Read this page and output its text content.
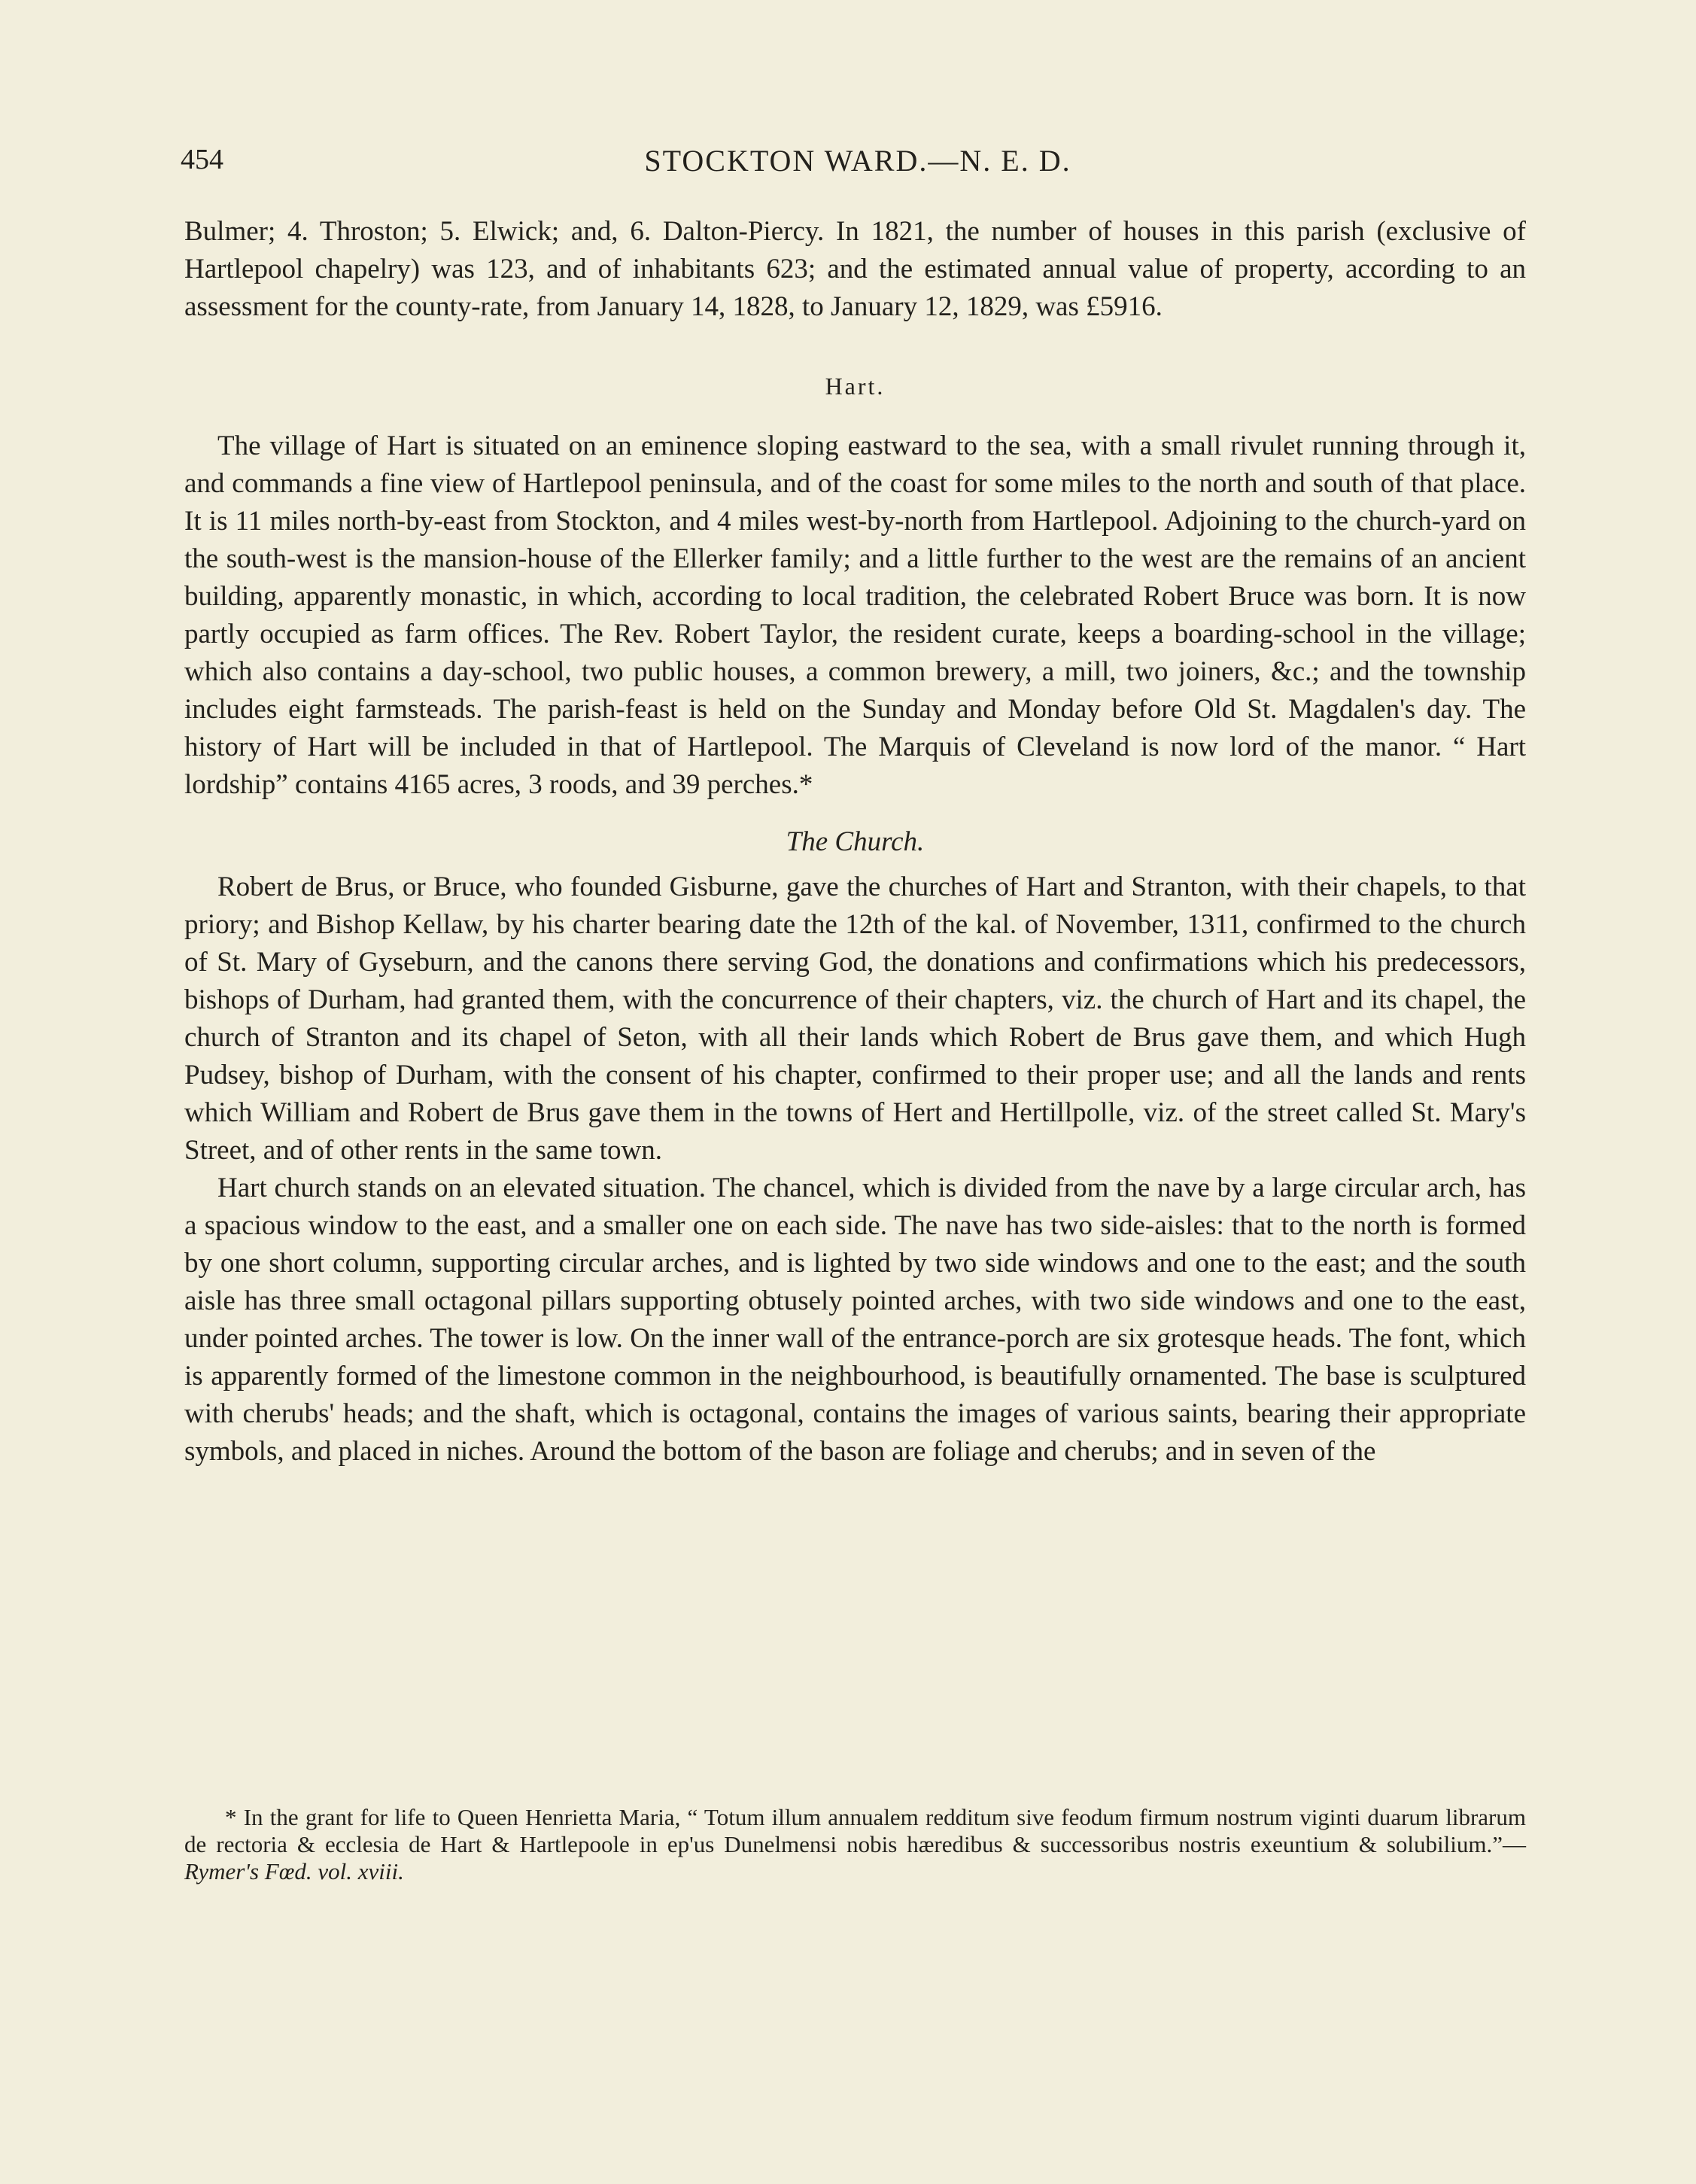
454	STOCKTON WARD.—N. E. D.

Bulmer; 4. Throston; 5. Elwick; and, 6. Dalton-Piercy. In 1821, the number of houses in this parish (exclusive of Hartlepool chapelry) was 123, and of inhabitants 623; and the estimated annual value of property, according to an assessment for the county-rate, from January 14, 1828, to January 12, 1829, was £5916.

Hart.

The village of Hart is situated on an eminence sloping eastward to the sea, with a small rivulet running through it, and commands a fine view of Hartlepool peninsula, and of the coast for some miles to the north and south of that place. It is 11 miles north-by-east from Stockton, and 4 miles west-by-north from Hartlepool. Adjoining to the church-yard on the south-west is the mansion-house of the Ellerker family; and a little further to the west are the remains of an ancient building, apparently monastic, in which, according to local tradition, the celebrated Robert Bruce was born. It is now partly occupied as farm offices. The Rev. Robert Taylor, the resident curate, keeps a boarding-school in the village; which also contains a day-school, two public houses, a common brewery, a mill, two joiners, &c.; and the township includes eight farmsteads. The parish-feast is held on the Sunday and Monday before Old St. Magdalen's day. The history of Hart will be included in that of Hartlepool. The Marquis of Cleveland is now lord of the manor. “ Hart lordship” contains 4165 acres, 3 roods, and 39 perches.*

The Church.

Robert de Brus, or Bruce, who founded Gisburne, gave the churches of Hart and Stranton, with their chapels, to that priory; and Bishop Kellaw, by his charter bearing date the 12th of the kal. of November, 1311, confirmed to the church of St. Mary of Gyseburn, and the canons there serving God, the donations and confirmations which his predecessors, bishops of Durham, had granted them, with the concurrence of their chapters, viz. the church of Hart and its chapel, the church of Stranton and its chapel of Seton, with all their lands which Robert de Brus gave them, and which Hugh Pudsey, bishop of Durham, with the consent of his chapter, confirmed to their proper use; and all the lands and rents which William and Robert de Brus gave them in the towns of Hert and Hertillpolle, viz. of the street called St. Mary's Street, and of other rents in the same town.

Hart church stands on an elevated situation. The chancel, which is divided from the nave by a large circular arch, has a spacious window to the east, and a smaller one on each side. The nave has two side-aisles: that to the north is formed by one short column, supporting circular arches, and is lighted by two side windows and one to the east; and the south aisle has three small octagonal pillars supporting obtusely pointed arches, with two side windows and one to the east, under pointed arches. The tower is low. On the inner wall of the entrance-porch are six grotesque heads. The font, which is apparently formed of the limestone common in the neighbourhood, is beautifully ornamented. The base is sculptured with cherubs' heads; and the shaft, which is octagonal, contains the images of various saints, bearing their appropriate symbols, and placed in niches. Around the bottom of the bason are foliage and cherubs; and in seven of the

* In the grant for life to Queen Henrietta Maria, “ Totum illum annualem redditum sive feodum firmum nostrum viginti duarum librarum de rectoria & ecclesia de Hart & Hartlepoole in ep'us Dunelmensi nobis hæredibus & successoribus nostris exeuntium & solubilium.”—Rymer's Fœd. vol. xviii.
